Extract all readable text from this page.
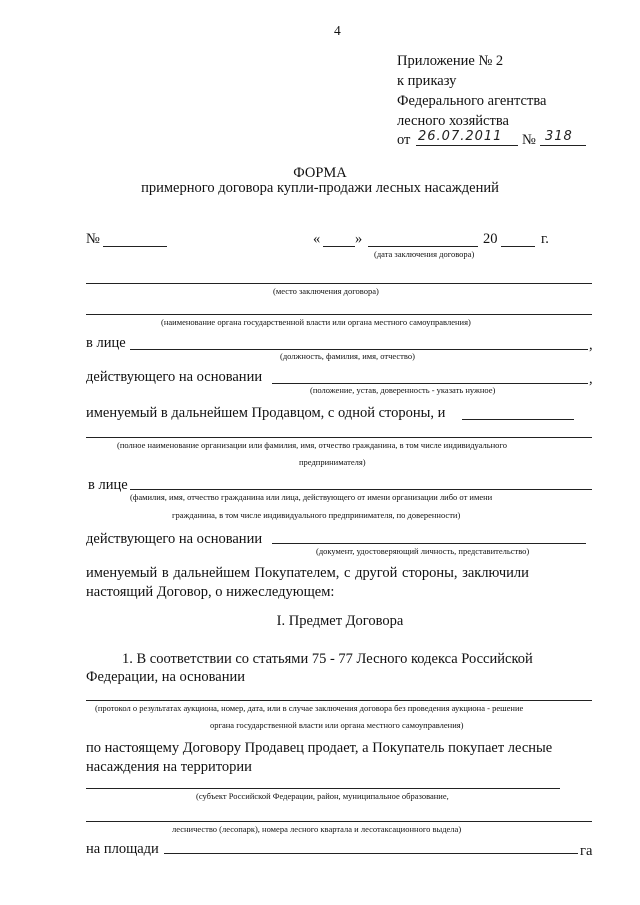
4
Приложение № 2
к приказу
Федерального агентства
лесного хозяйства
от 26.07.2011 № 318
ФОРМА
примерного договора купли-продажи лесных насаждений
№	« »	20	г.
(дата заключения договора)
(место заключения договора)
(наименование органа государственной власти или органа местного самоуправления)
в лице	,
(должность, фамилия, имя, отчество)
действующего на основании	,
(положение, устав, доверенность - указать нужное)
именуемый в дальнейшем Продавцом, с одной стороны, и
(полное наименование организации или фамилия, имя, отчество гражданина, в том числе индивидуального
предпринимателя)
в лице
(фамилия, имя, отчество гражданина или лица, действующего от имени организации либо от имени
гражданина, в том числе индивидуального предпринимателя, по доверенности)
действующего на основании
(документ, удостоверяющий личность, представительство)
именуемый в дальнейшем Покупателем, с другой стороны, заключили
настоящий Договор, о нижеследующем:
I. Предмет Договора
1. В соответствии со статьями 75 - 77 Лесного кодекса Российской
Федерации, на основании
(протокол о результатах аукциона, номер, дата, или в случае заключения договора без проведения аукциона - решение
органа государственной власти или органа местного самоуправления)
по настоящему Договору Продавец продает, а Покупатель покупает лесные
насаждения на территории
(субъект Российской Федерации, район, муниципальное образование,
лесничество (лесопарк), номера лесного квартала и лесотаксационного выдела)
на площади	га
